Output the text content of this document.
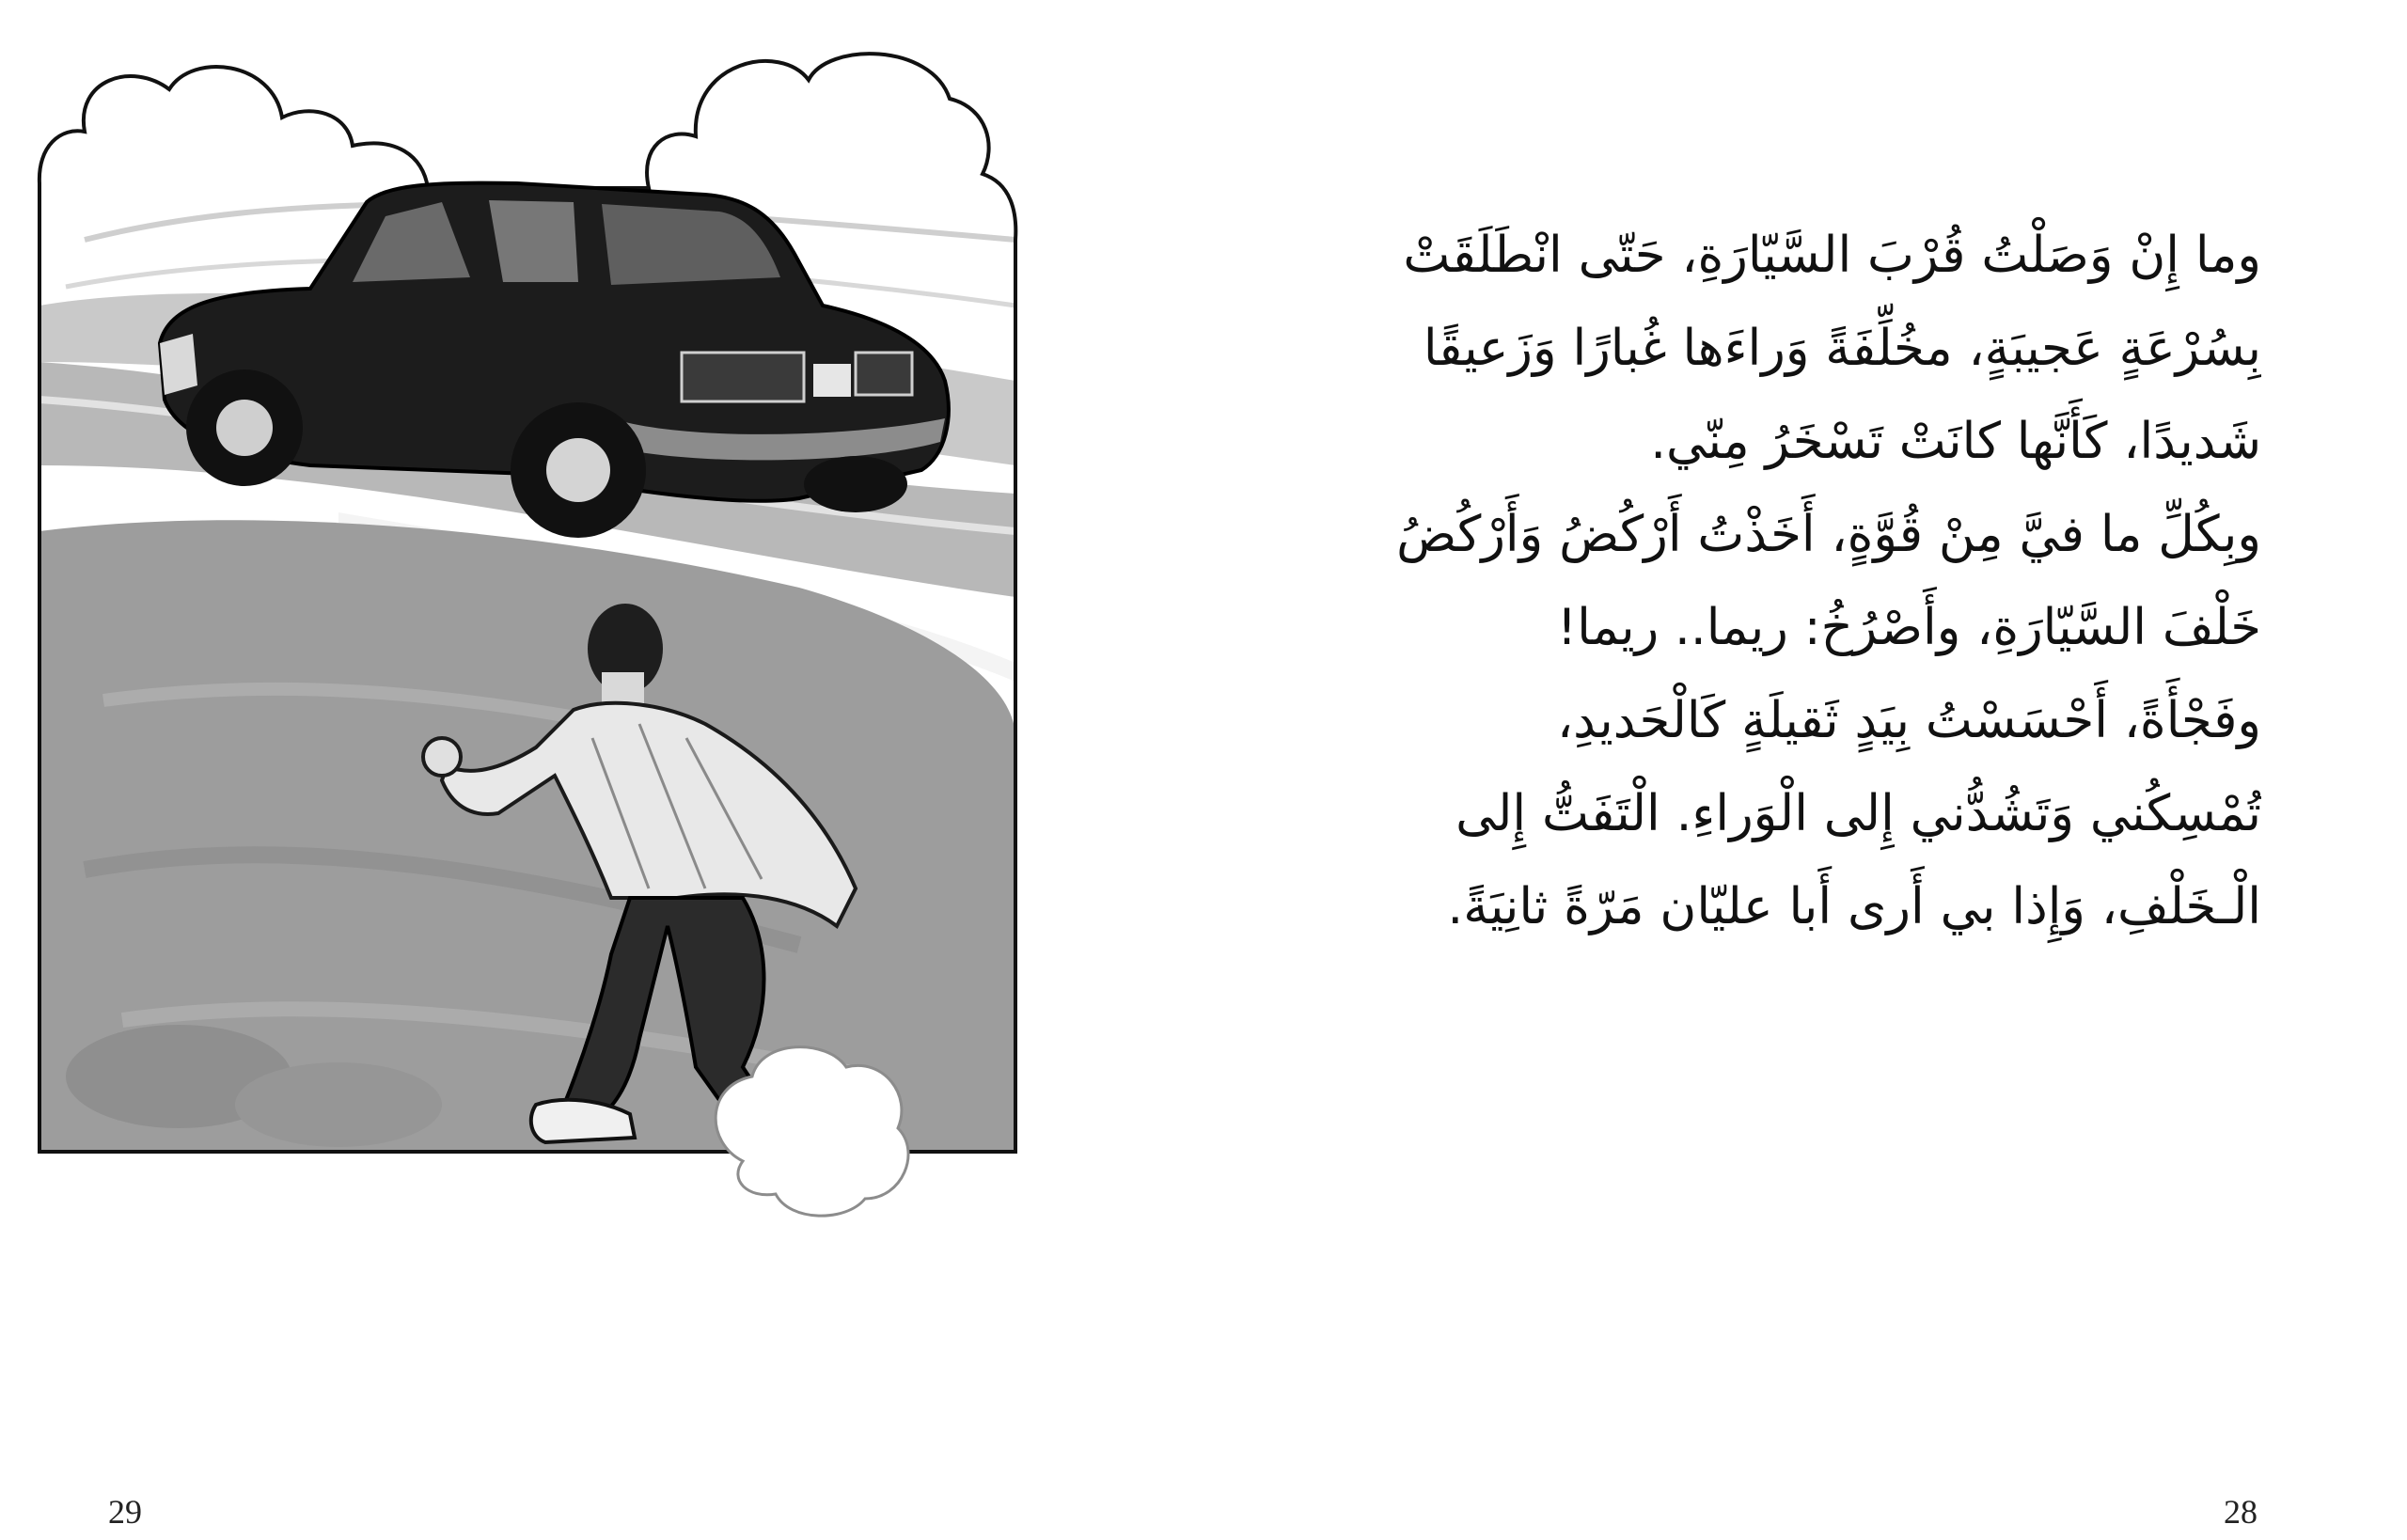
وما إِنْ وَصَلْتُ قُرْبَ السَّيّارَةِ، حَتّى انْطَلَقَتْ
بِسُرْعَةٍ عَجيبَةٍ، مخُلِّفَةً وَراءَها غُبارًا وَزَعيقًا
شَديدًا، كَأَنَّها كانَتْ تَسْخَرُ مِنّي.
وبِكُلِّ ما فيَّ مِنْ قُوَّةٍ، أَخَذْتُ أَرْكُضُ وَأَرْكُضُ
خَلْفَ السَّيّارَةِ، وأَصْرُخُ: ريما.. ريما!
وفَجْأَةً، أَحْسَسْتُ بِيَدٍ ثَقيلَةٍ كَالْحَديدِ،
تُمْسِكُني وَتَشُدُّني إِلى الْوَراءِ. الْتَفَتُّ إِلى
الْـخَلْفِ، وَإِذا بي أَرى أَبا عليّان مَرّةً ثانِيَةً.
29	28
